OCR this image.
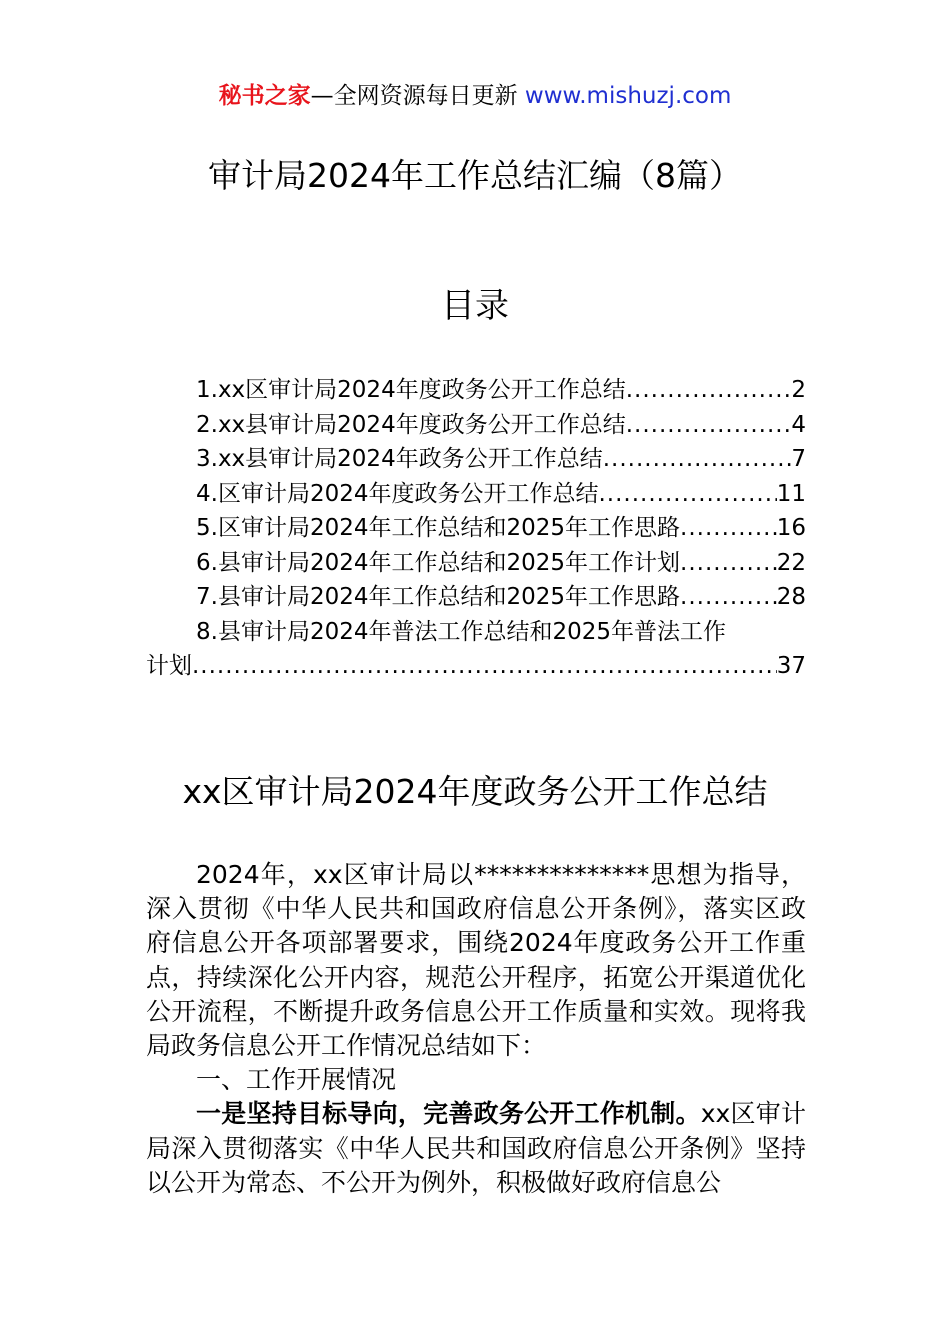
秘书之家—全网资源每日更新 www.mishuzj.com
审计局2024年工作总结汇编（8篇）
目录
1.xx区审计局2024年度政务公开工作总结 .....	2
2.xx县审计局2024年度政务公开工作总结 .....	4
3.xx县审计局2024年政务公开工作总结 .....	7
4.区审计局2024年度政务公开工作总结 .....	11
5.区审计局2024年工作总结和2025年工作思路 .....	16
6.县审计局2024年工作总结和2025年工作计划 .....	22
7.县审计局2024年工作总结和2025年工作思路 .....	28
8.县审计局2024年普法工作总结和2025年普法工作
计划 .....	37
xx区审计局2024年度政务公开工作总结

2024年，xx区审计局以**************思想为指导，深入贯彻《中华人民共和国政府信息公开条例》，落实区政府信息公开各项部署要求，围绕2024年度政务公开工作重点，持续深化公开内容，规范公开程序，拓宽公开渠道优化公开流程，不断提升政务信息公开工作质量和实效。现将我局政务信息公开工作情况总结如下：

一、工作开展情况

一是坚持目标导向，完善政务公开工作机制。xx区审计局深入贯彻落实《中华人民共和国政府信息公开条例》坚持以公开为常态、不公开为例外，积极做好政府信息公
